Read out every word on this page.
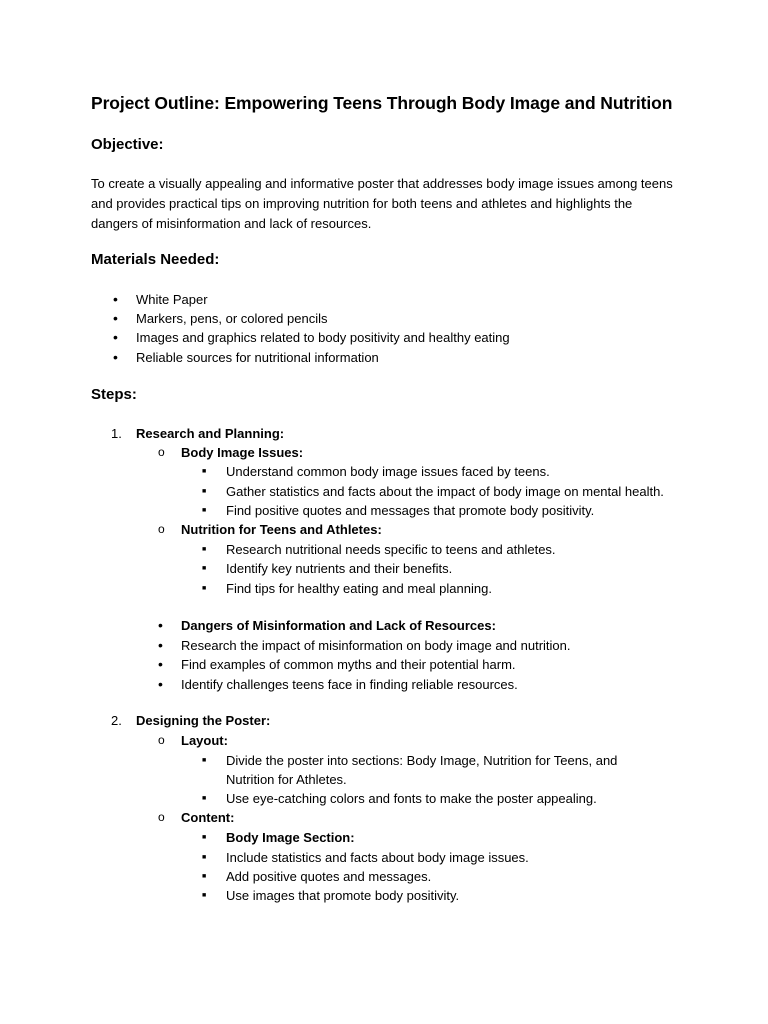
Project Outline: Empowering Teens Through Body Image and Nutrition
Objective:
To create a visually appealing and informative poster that addresses body image issues among teens
and provides practical tips on improving nutrition for both teens and athletes and highlights the
dangers of misinformation and lack of resources.
Materials Needed:
• White Paper
• Markers, pens, or colored pencils
• Images and graphics related to body positivity and healthy eating
• Reliable sources for nutritional information
Steps:
1. Research and Planning:
o Body Image Issues:
■ Understand common body image issues faced by teens.
■ Gather statistics and facts about the impact of body image on mental health.
■ Find positive quotes and messages that promote body positivity.
o Nutrition for Teens and Athletes:
■ Research nutritional needs specific to teens and athletes.
■ Identify key nutrients and their benefits.
■ Find tips for healthy eating and meal planning.
• Dangers of Misinformation and Lack of Resources:
• Research the impact of misinformation on body image and nutrition.
• Find examples of common myths and their potential harm.
• Identify challenges teens face in finding reliable resources.
2. Designing the Poster:
o Layout:
■ Divide the poster into sections: Body Image, Nutrition for Teens, and
Nutrition for Athletes.
■ Use eye-catching colors and fonts to make the poster appealing.
o Content:
■ Body Image Section:
■ Include statistics and facts about body image issues.
■ Add positive quotes and messages.
■ Use images that promote body positivity.
